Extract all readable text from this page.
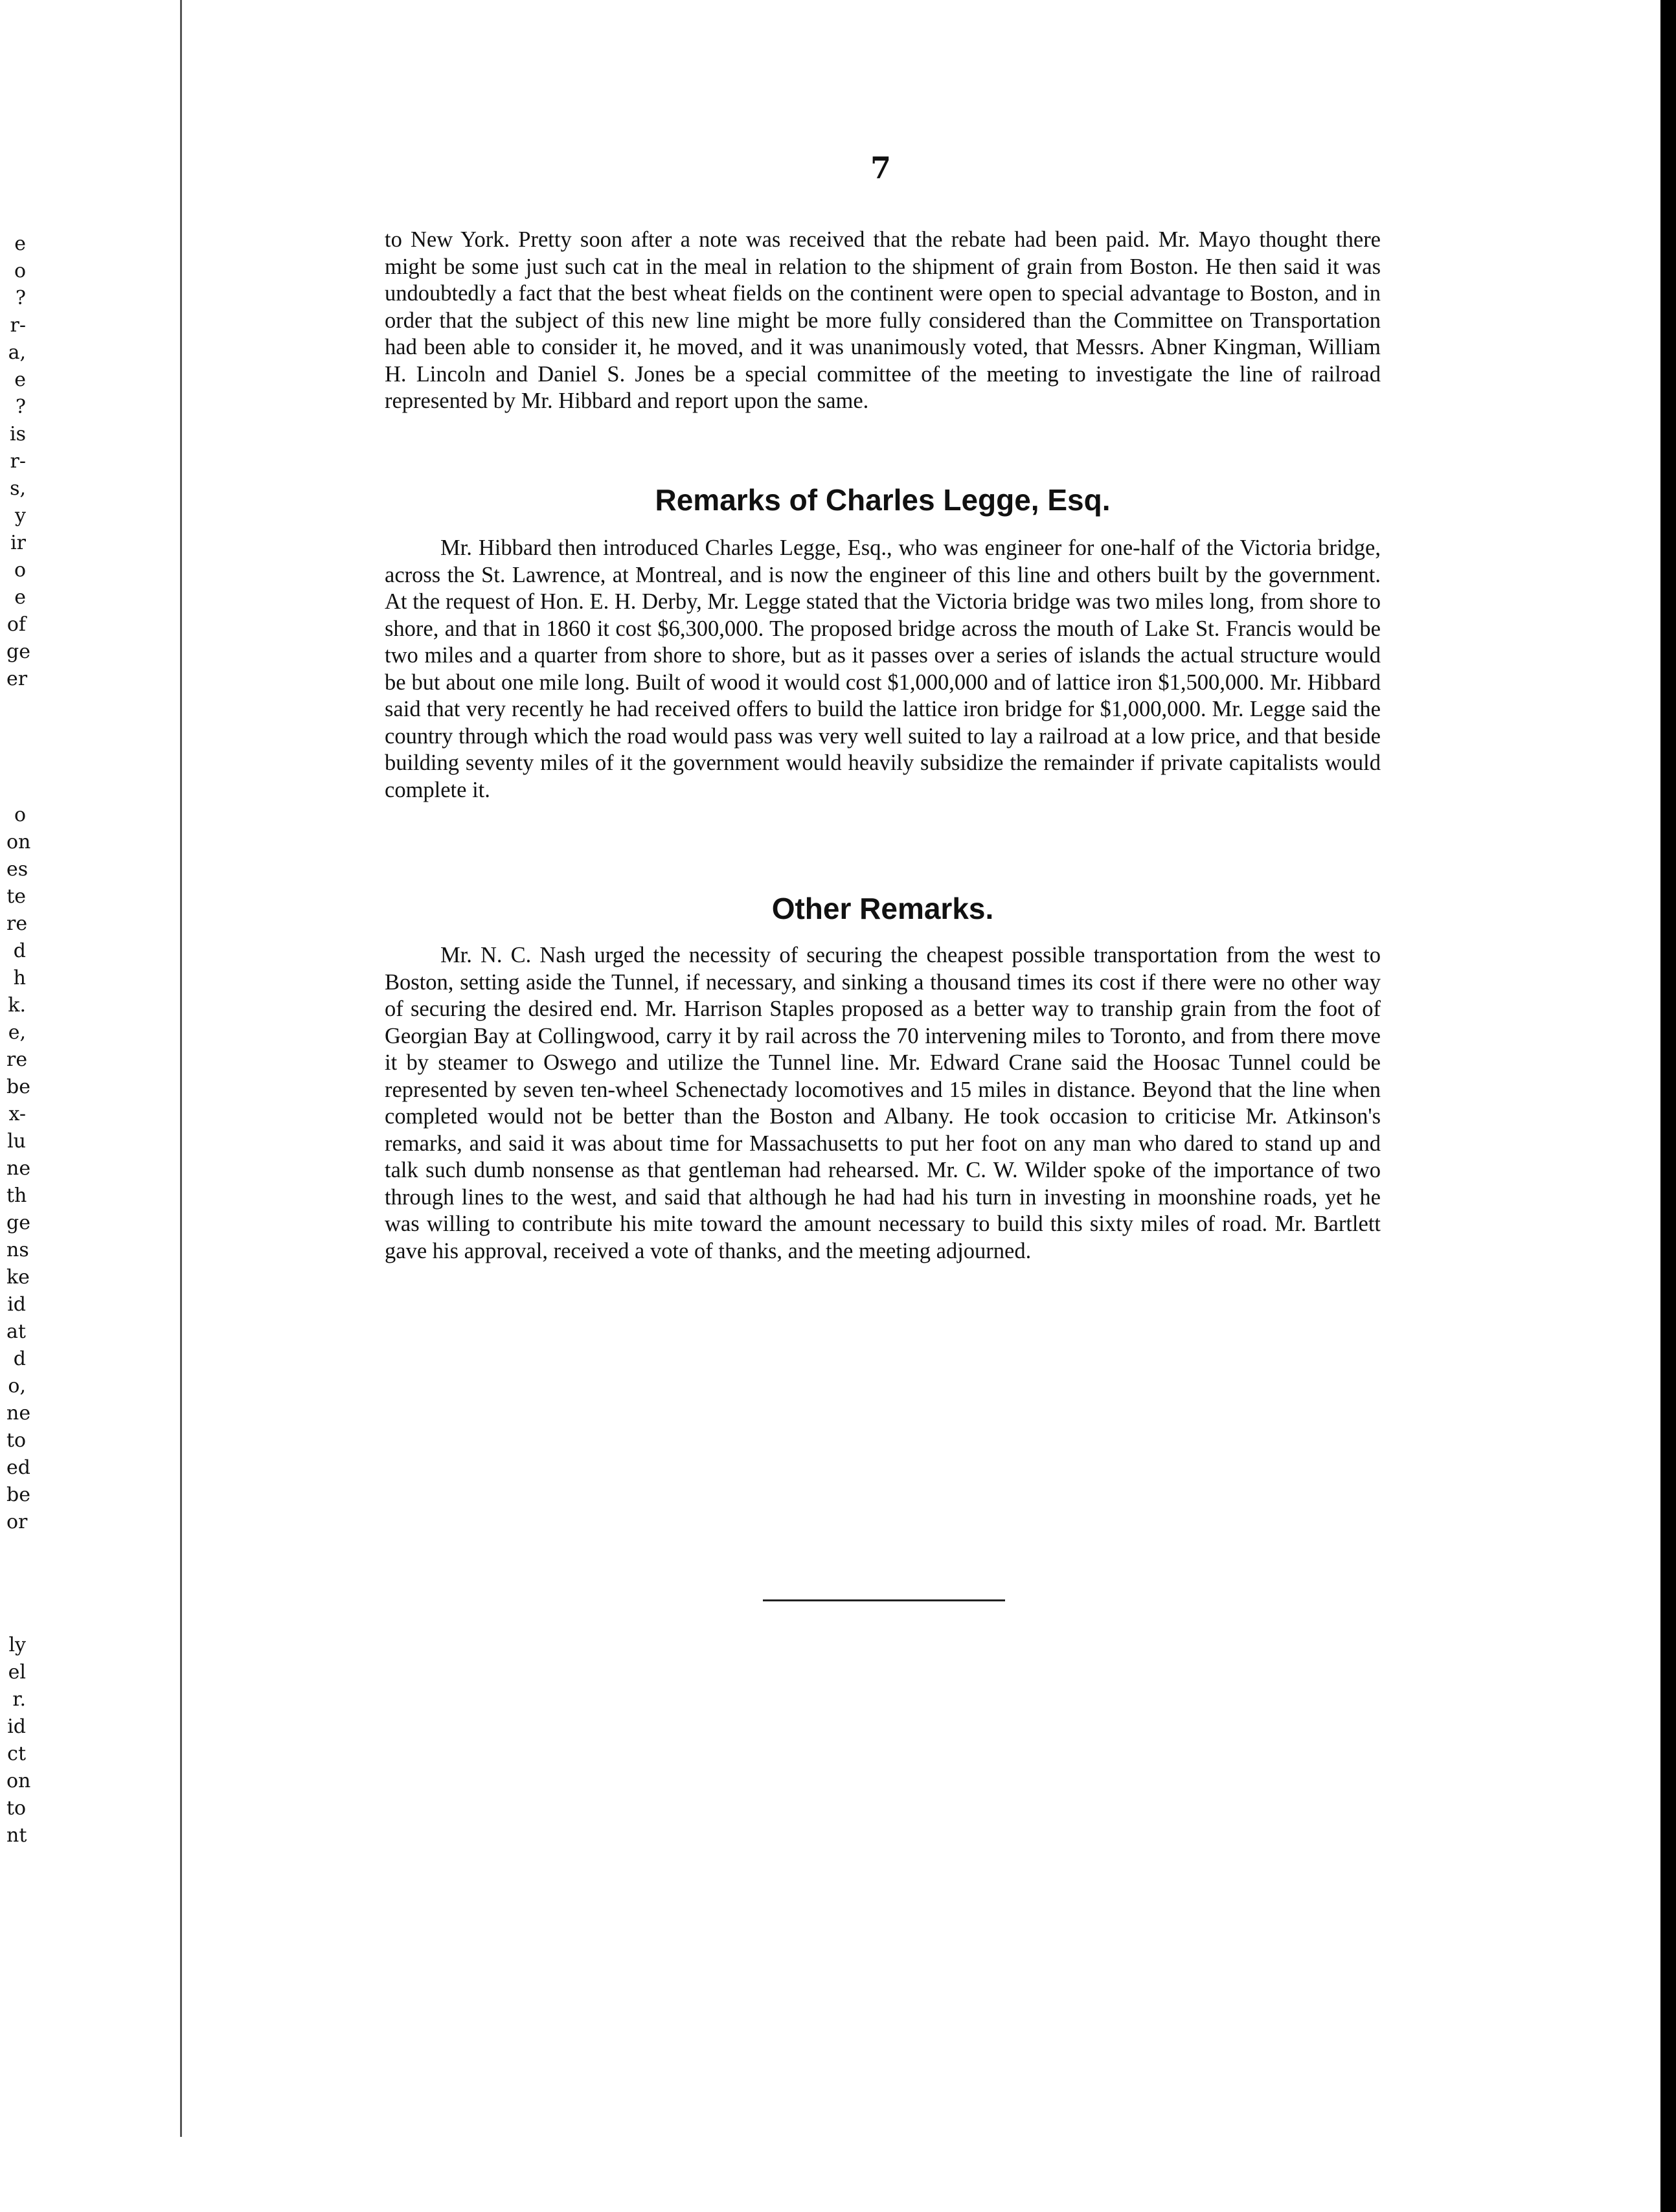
e
o
?
r-
a,
e
?
is
r-
s,
y
ir
o
e
of
ge
er
o
on
es
te
re
d
h
k.
e,
re
be
x-
lu
ne
th
ge
ns
ke
id
at
d
o,
ne
to
ed
be
or
ly
el
r.
id
ct
on
to
nt
7

to New York. Pretty soon after a note was received that the rebate had been paid. Mr. Mayo thought there might be some just such cat in the meal in relation to the shipment of grain from Boston. He then said it was undoubtedly a fact that the best wheat fields on the continent were open to special advantage to Boston, and in order that the subject of this new line might be more fully considered than the Committee on Transportation had been able to consider it, he moved, and it was unanimously voted, that Messrs. Abner Kingman, William H. Lincoln and Daniel S. Jones be a special committee of the meeting to investigate the line of railroad represented by Mr. Hibbard and report upon the same.

Remarks of Charles Legge, Esq.

Mr. Hibbard then introduced Charles Legge, Esq., who was engineer for one-half of the Victoria bridge, across the St. Lawrence, at Montreal, and is now the engineer of this line and others built by the government. At the request of Hon. E. H. Derby, Mr. Legge stated that the Victoria bridge was two miles long, from shore to shore, and that in 1860 it cost $6,300,000. The proposed bridge across the mouth of Lake St. Francis would be two miles and a quarter from shore to shore, but as it passes over a series of islands the actual structure would be but about one mile long. Built of wood it would cost $1,000,000 and of lattice iron $1,500,000. Mr. Hibbard said that very recently he had received offers to build the lattice iron bridge for $1,000,000. Mr. Legge said the country through which the road would pass was very well suited to lay a railroad at a low price, and that beside building seventy miles of it the government would heavily subsidize the remainder if private capitalists would complete it.

Other Remarks.

Mr. N. C. Nash urged the necessity of securing the cheapest possible transportation from the west to Boston, setting aside the Tunnel, if necessary, and sinking a thousand times its cost if there were no other way of securing the desired end. Mr. Harrison Staples proposed as a better way to tranship grain from the foot of Georgian Bay at Collingwood, carry it by rail across the 70 intervening miles to Toronto, and from there move it by steamer to Oswego and utilize the Tunnel line. Mr. Edward Crane said the Hoosac Tunnel could be represented by seven ten-wheel Schenectady locomotives and 15 miles in distance. Beyond that the line when completed would not be better than the Boston and Albany. He took occasion to criticise Mr. Atkinson's remarks, and said it was about time for Massachusetts to put her foot on any man who dared to stand up and talk such dumb nonsense as that gentleman had rehearsed. Mr. C. W. Wilder spoke of the importance of two through lines to the west, and said that although he had had his turn in investing in moonshine roads, yet he was willing to contribute his mite toward the amount necessary to build this sixty miles of road. Mr. Bartlett gave his approval, received a vote of thanks, and the meeting adjourned.
